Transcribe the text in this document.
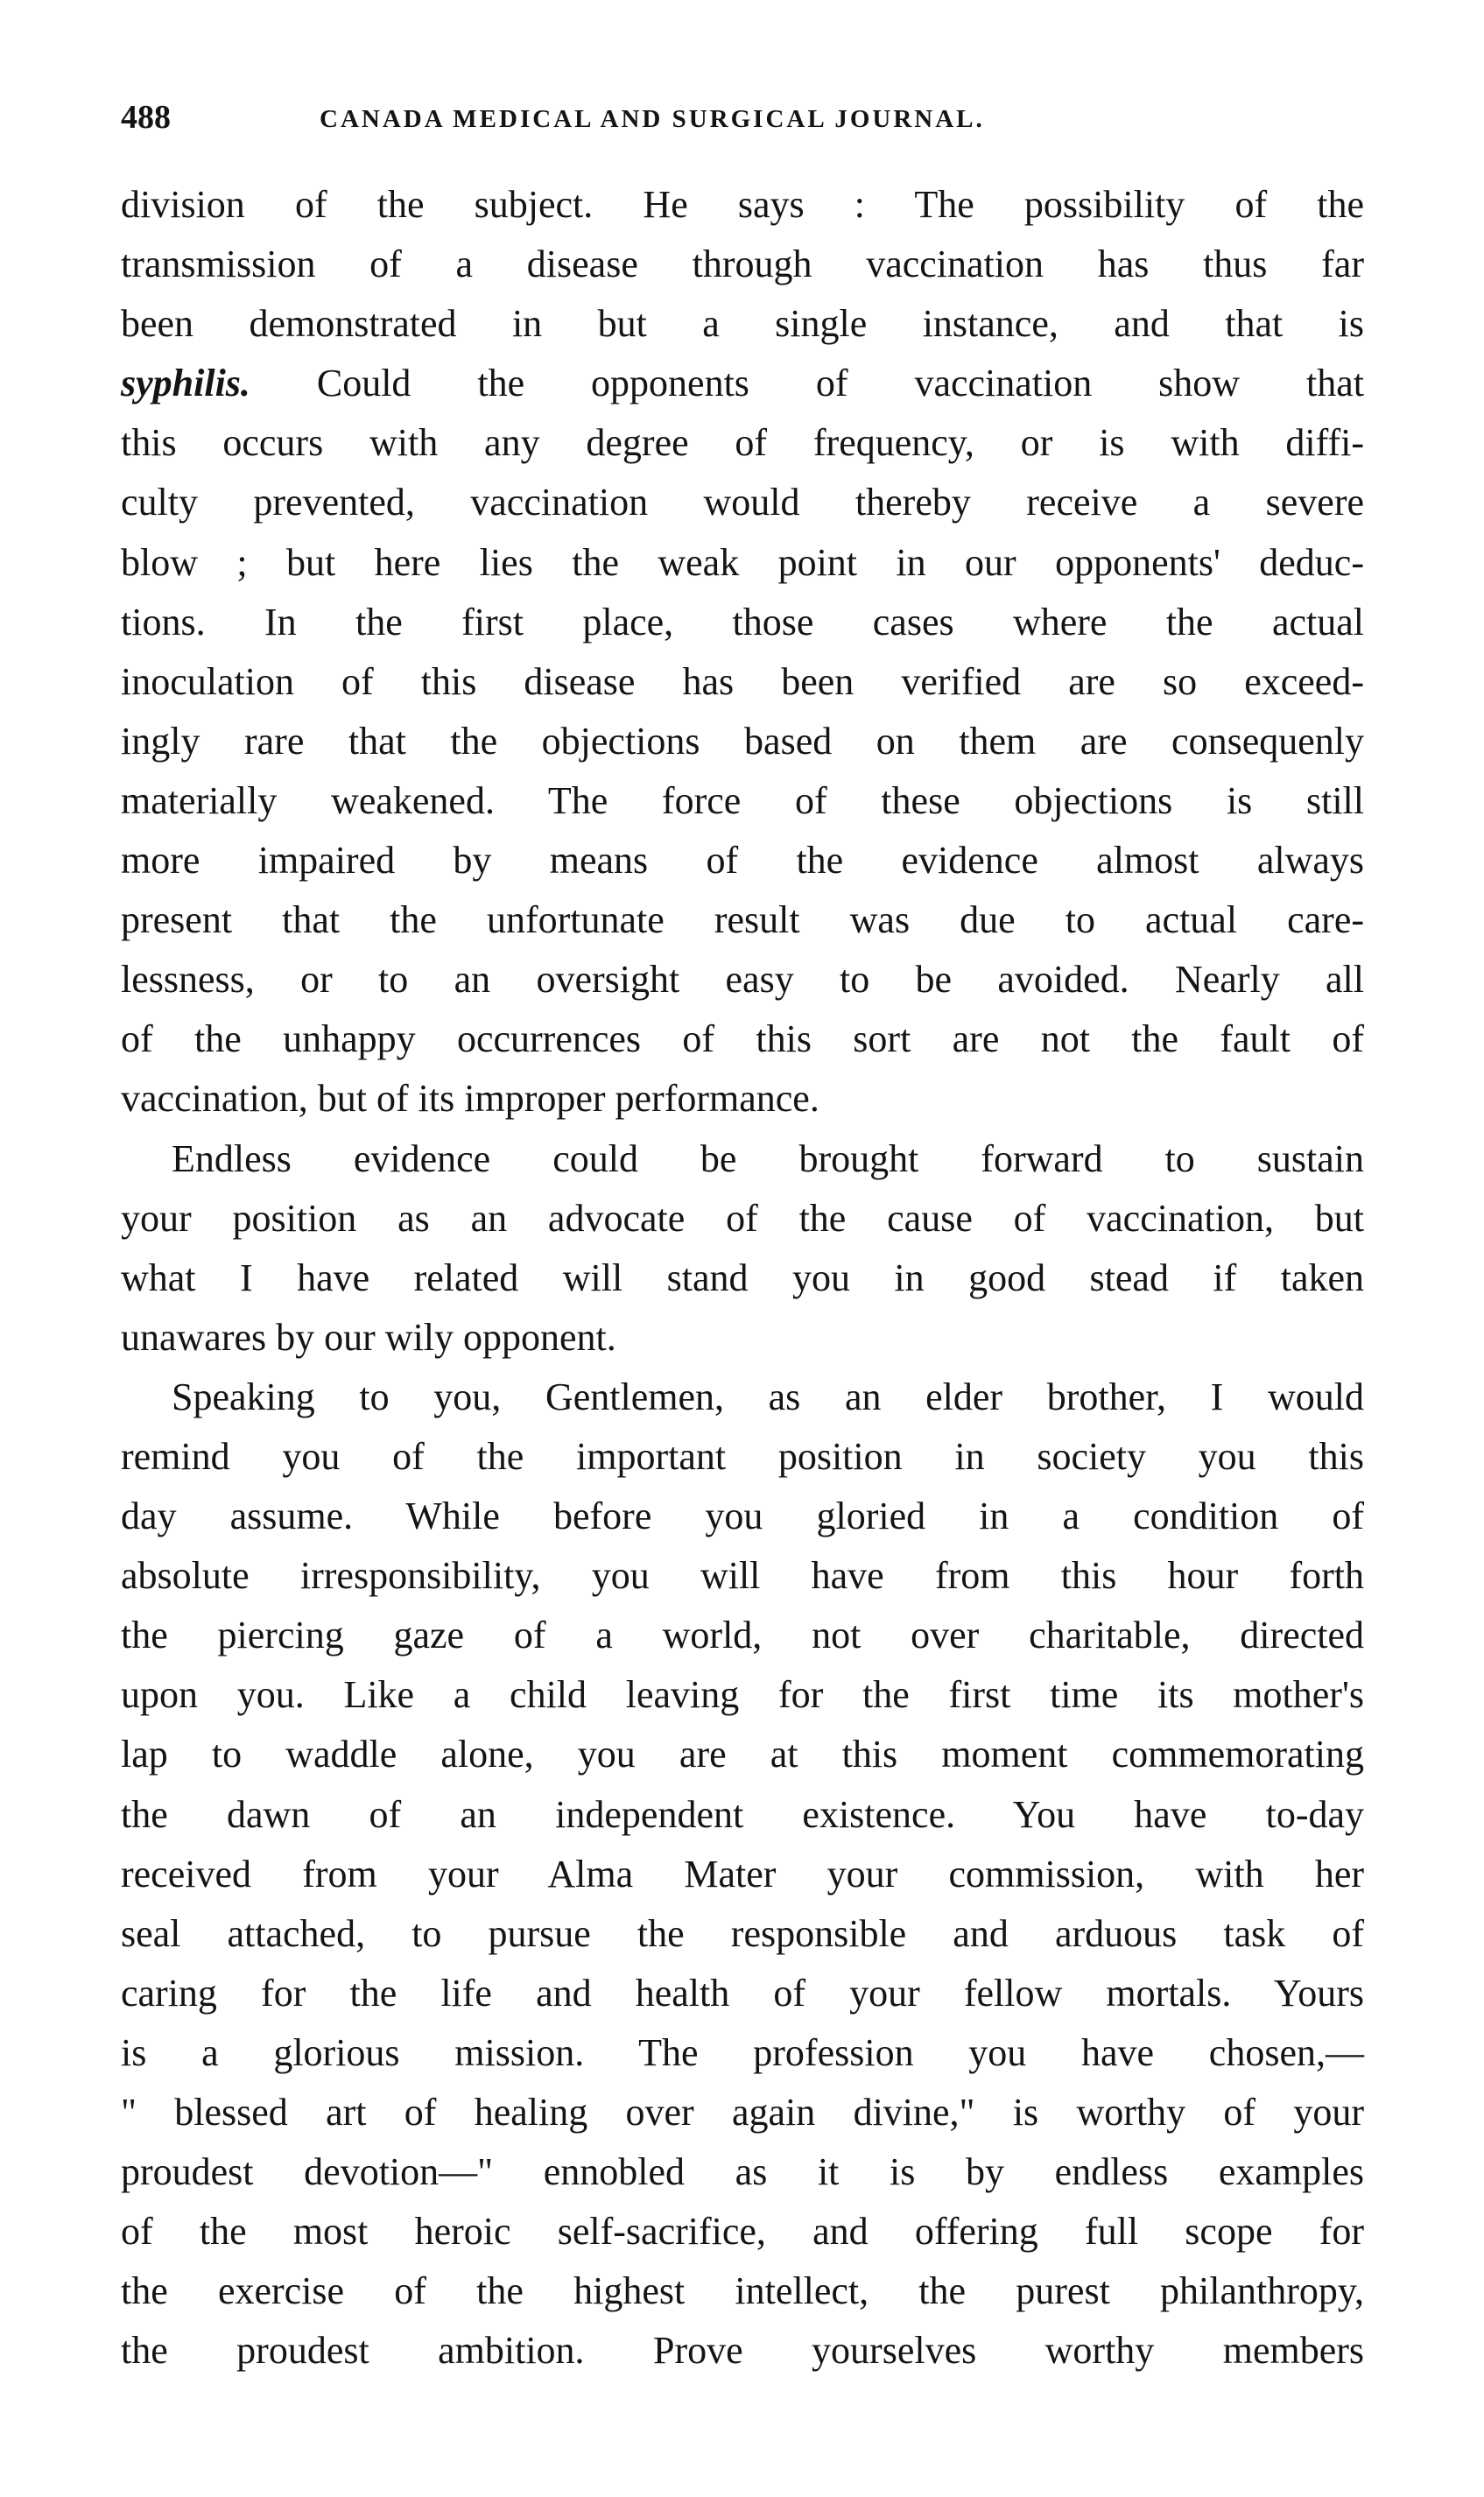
488	CANADA MEDICAL AND SURGICAL JOURNAL.
division of the subject. He says : The possibility of the
transmission of a disease through vaccination has thus far
been demonstrated in but a single instance, and that is
syphilis. Could the opponents of vaccination show that
this occurs with any degree of frequency, or is with diffi-
culty prevented, vaccination would thereby receive a severe
blow ; but here lies the weak point in our opponents' deduc-
tions. In the first place, those cases where the actual
inoculation of this disease has been verified are so exceed-
ingly rare that the objections based on them are consequenly
materially weakened. The force of these objections is still
more impaired by means of the evidence almost always
present that the unfortunate result was due to actual care-
lessness, or to an oversight easy to be avoided. Nearly all
of the unhappy occurrences of this sort are not the fault of
vaccination, but of its improper performance.
Endless evidence could be brought forward to sustain
your position as an advocate of the cause of vaccination, but
what I have related will stand you in good stead if taken
unawares by our wily opponent.
Speaking to you, Gentlemen, as an elder brother, I would
remind you of the important position in society you this
day assume. While before you gloried in a condition of
absolute irresponsibility, you will have from this hour forth
the piercing gaze of a world, not over charitable, directed
upon you. Like a child leaving for the first time its mother's
lap to waddle alone, you are at this moment commemorating
the dawn of an independent existence. You have to-day
received from your Alma Mater your commission, with her
seal attached, to pursue the responsible and arduous task of
caring for the life and health of your fellow mortals. Yours
is a glorious mission. The profession you have chosen,—
" blessed art of healing over again divine," is worthy of your
proudest devotion—" ennobled as it is by endless examples
of the most heroic self-sacrifice, and offering full scope for
the exercise of the highest intellect, the purest philanthropy,
the proudest ambition. Prove yourselves worthy members
